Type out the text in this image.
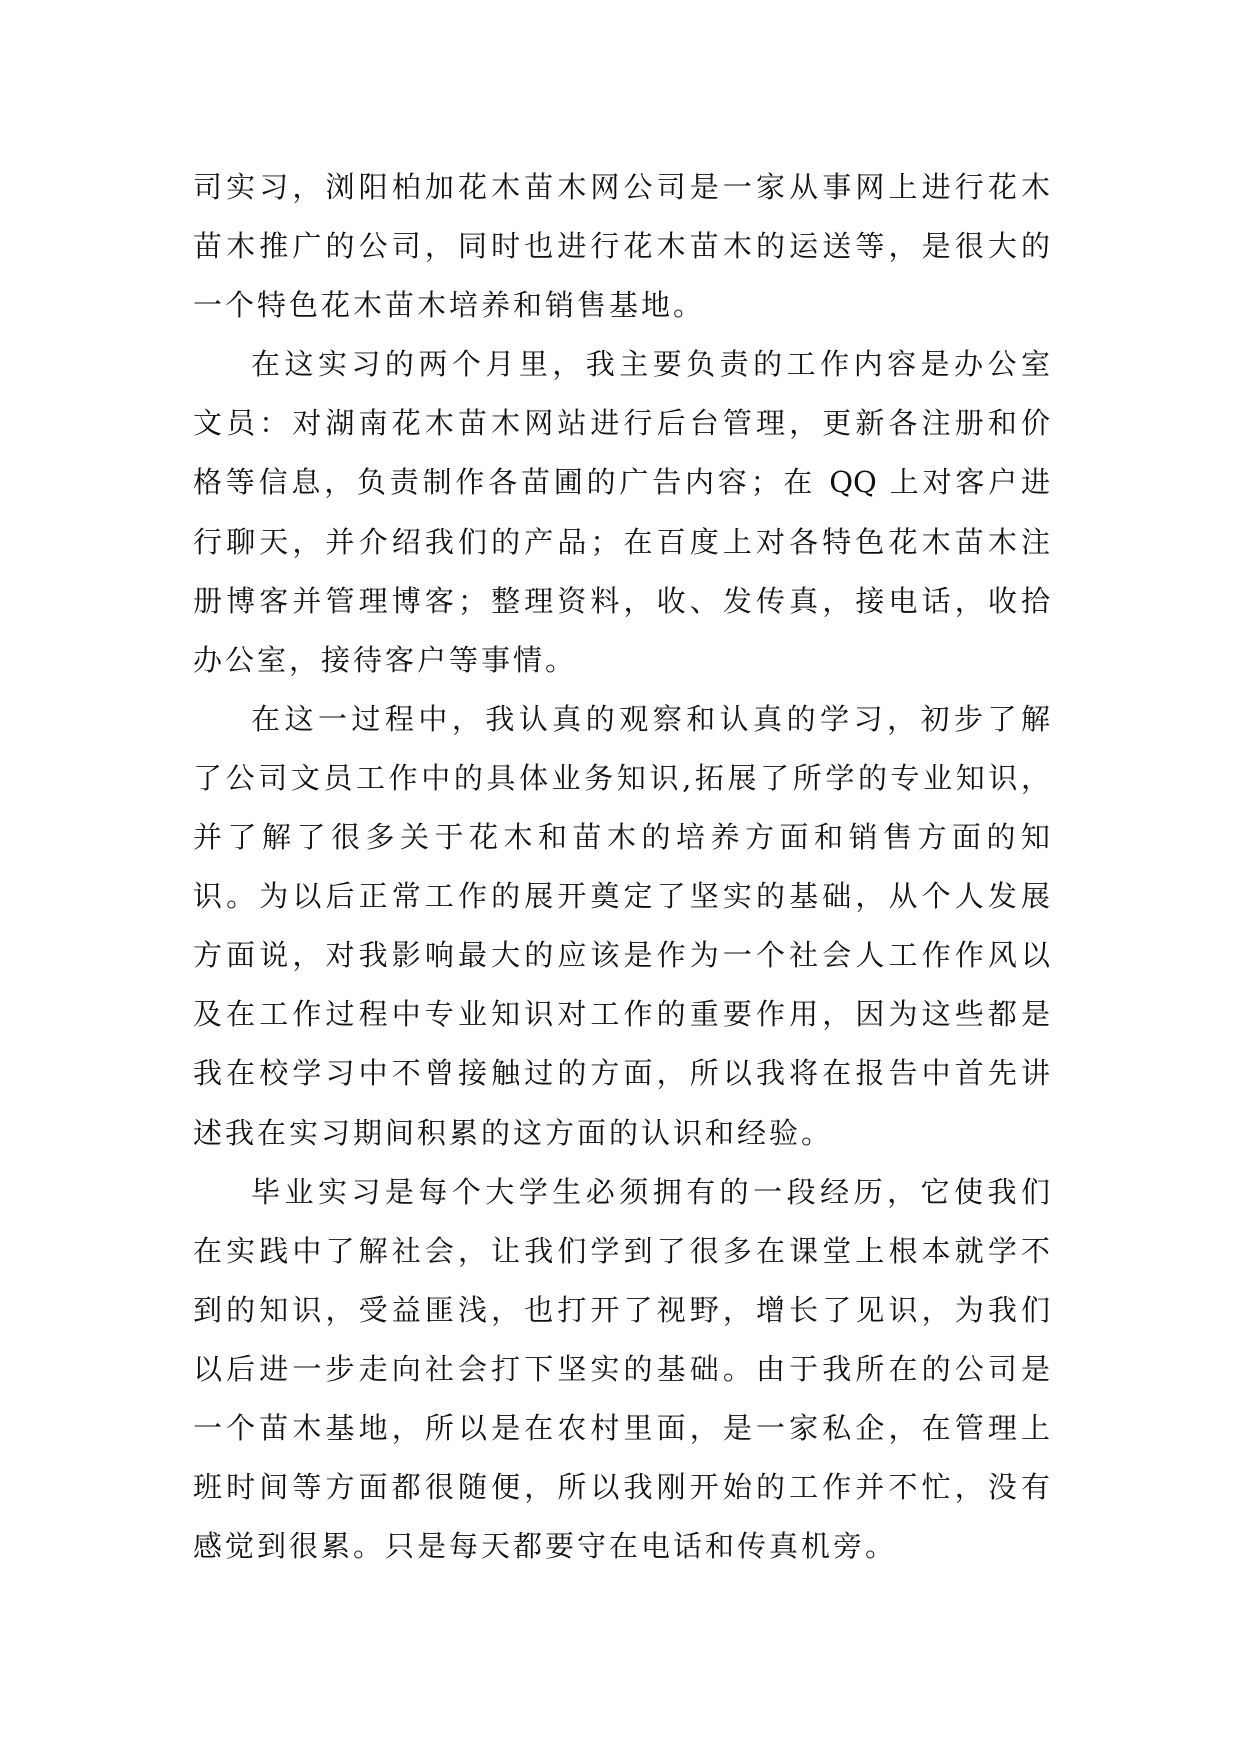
司实习，浏阳柏加花木苗木网公司是一家从事网上进行花木
苗木推广的公司，同时也进行花木苗木的运送等，是很大的
一个特色花木苗木培养和销售基地。
在这实习的两个月里，我主要负责的工作内容是办公室
文员：对湖南花木苗木网站进行后台管理，更新各注册和价
格等信息，负责制作各苗圃的广告内容；在 QQ 上对客户进
行聊天，并介绍我们的产品；在百度上对各特色花木苗木注
册博客并管理博客；整理资料，收、发传真，接电话，收拾
办公室，接待客户等事情。
在这一过程中，我认真的观察和认真的学习，初步了解
了公司文员工作中的具体业务知识,拓展了所学的专业知识，
并了解了很多关于花木和苗木的培养方面和销售方面的知
识。为以后正常工作的展开奠定了坚实的基础，从个人发展
方面说，对我影响最大的应该是作为一个社会人工作作风以
及在工作过程中专业知识对工作的重要作用，因为这些都是
我在校学习中不曾接触过的方面，所以我将在报告中首先讲
述我在实习期间积累的这方面的认识和经验。
毕业实习是每个大学生必须拥有的一段经历，它使我们
在实践中了解社会，让我们学到了很多在课堂上根本就学不
到的知识，受益匪浅，也打开了视野，增长了见识，为我们
以后进一步走向社会打下坚实的基础。由于我所在的公司是
一个苗木基地，所以是在农村里面，是一家私企，在管理上
班时间等方面都很随便，所以我刚开始的工作并不忙，没有
感觉到很累。只是每天都要守在电话和传真机旁。
